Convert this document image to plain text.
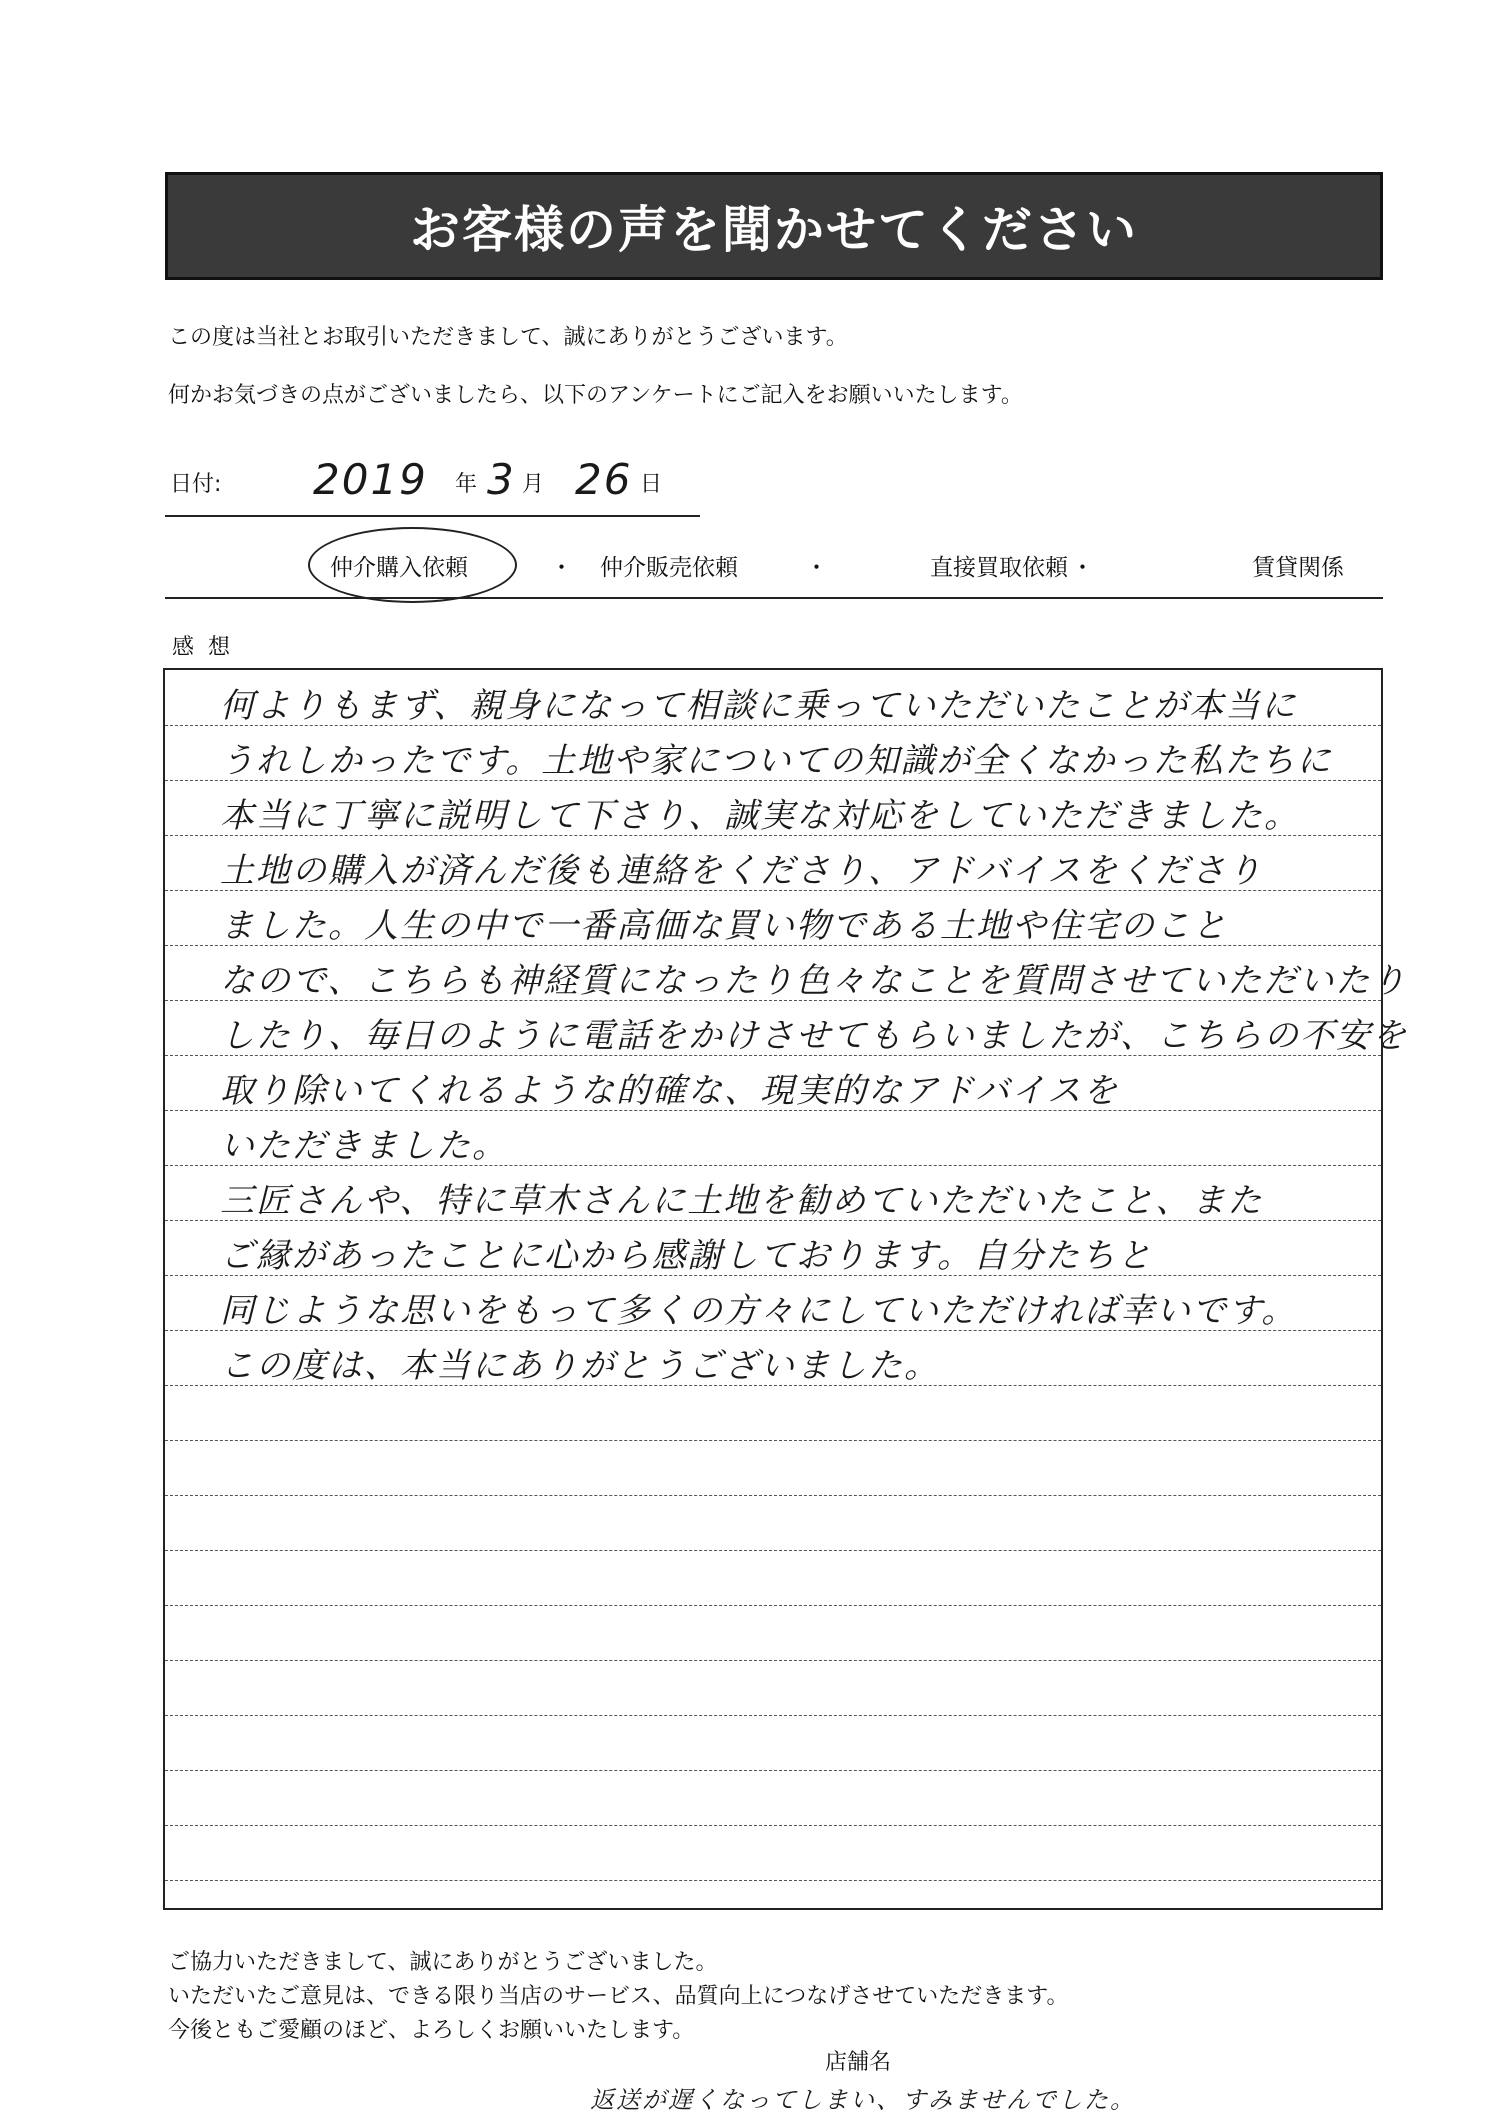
お客様の声を聞かせてください
この度は当社とお取引いただきまして、誠にありがとうございます。
何かお気づきの点がございましたら、以下のアンケートにご記入をお願いいたします。
日付: 2019 年 3 月 26 日
仲介購入依頼	・ 仲介販売依頼	・	直接買取依頼 ・	賃貸関係
感想
何よりもまず、親身になって相談に乗っていただいたことが本当に
うれしかったです。土地や家についての知識が全くなかった私たちに
本当に丁寧に説明して下さり、誠実な対応をしていただきました。
土地の購入が済んだ後も連絡をくださり、アドバイスをくださり
ました。人生の中で一番高価な買い物である土地や住宅のこと
なので、こちらも神経質になったり色々なことを質問させていただいたり
したり、毎日のように電話をかけさせてもらいましたが、こちらの不安を
取り除いてくれるような的確な、現実的なアドバイスを
いただきました。
三匠さんや、特に草木さんに土地を勧めていただいたこと、また
ご縁があったことに心から感謝しております。自分たちと
同じような思いをもって多くの方々にしていただければ幸いです。
この度は、本当にありがとうございました。
ご協力いただきまして、誠にありがとうございました。
いただいたご意見は、できる限り当店のサービス、品質向上につなげさせていただきます。
今後ともご愛顧のほど、よろしくお願いいたします。
店舗名
返送が遅くなってしまい、すみませんでした。
